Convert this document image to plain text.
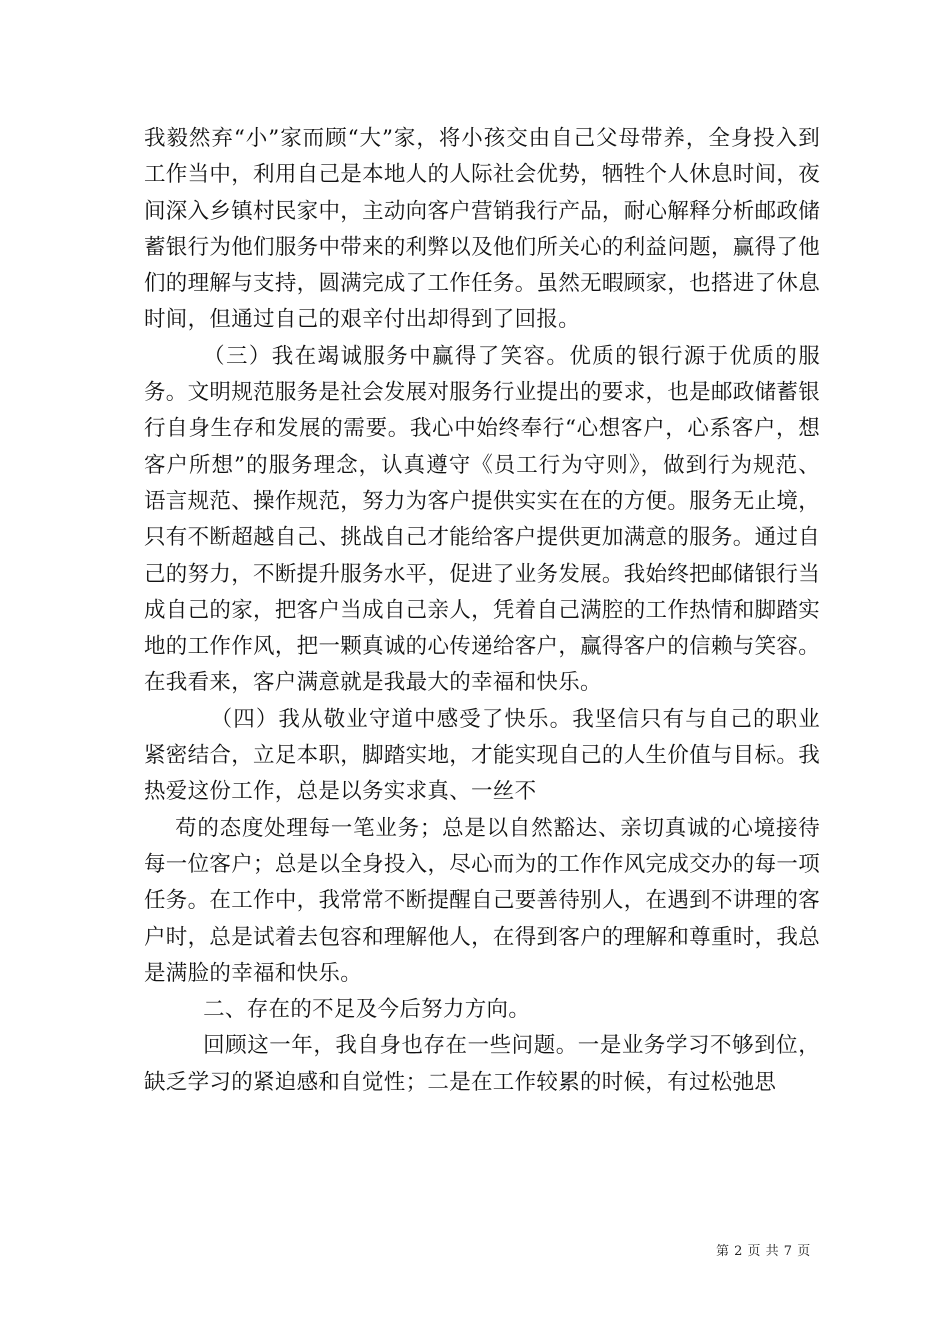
我毅然弃“小”家而顾“大”家，将小孩交由自己父母带养，全身投入到工作当中，利用自己是本地人的人际社会优势，牺牲个人休息时间，夜间深入乡镇村民家中，主动向客户营销我行产品，耐心解释分析邮政储蓄银行为他们服务中带来的利弊以及他们所关心的利益问题，赢得了他们的理解与支持，圆满完成了工作任务。虽然无暇顾家，也搭进了休息时间，但通过自己的艰辛付出却得到了回报。

（三）我在竭诚服务中赢得了笑容。优质的银行源于优质的服务。文明规范服务是社会发展对服务行业提出的要求，也是邮政储蓄银行自身生存和发展的需要。我心中始终奉行“心想客户，心系客户，想客户所想”的服务理念，认真遵守《员工行为守则》，做到行为规范、语言规范、操作规范，努力为客户提供实实在在的方便。服务无止境，只有不断超越自己、挑战自己才能给客户提供更加满意的服务。通过自己的努力，不断提升服务水平，促进了业务发展。我始终把邮储银行当成自己的家，把客户当成自己亲人，凭着自己满腔的工作热情和脚踏实地的工作作风，把一颗真诚的心传递给客户，赢得客户的信赖与笑容。在我看来，客户满意就是我最大的幸福和快乐。

（四）我从敬业守道中感受了快乐。我坚信只有与自己的职业紧密结合，立足本职，脚踏实地，才能实现自己的人生价值与目标。我热爱这份工作，总是以务实求真、一丝不

苟的态度处理每一笔业务；总是以自然豁达、亲切真诚的心境接待每一位客户；总是以全身投入，尽心而为的工作作风完成交办的每一项任务。在工作中，我常常不断提醒自己要善待别人，在遇到不讲理的客户时，总是试着去包容和理解他人，在得到客户的理解和尊重时，我总是满脸的幸福和快乐。

二、存在的不足及今后努力方向。

回顾这一年，我自身也存在一些问题。一是业务学习不够到位，缺乏学习的紧迫感和自觉性；二是在工作较累的时候，有过松弛思

第 2 页 共 7 页
